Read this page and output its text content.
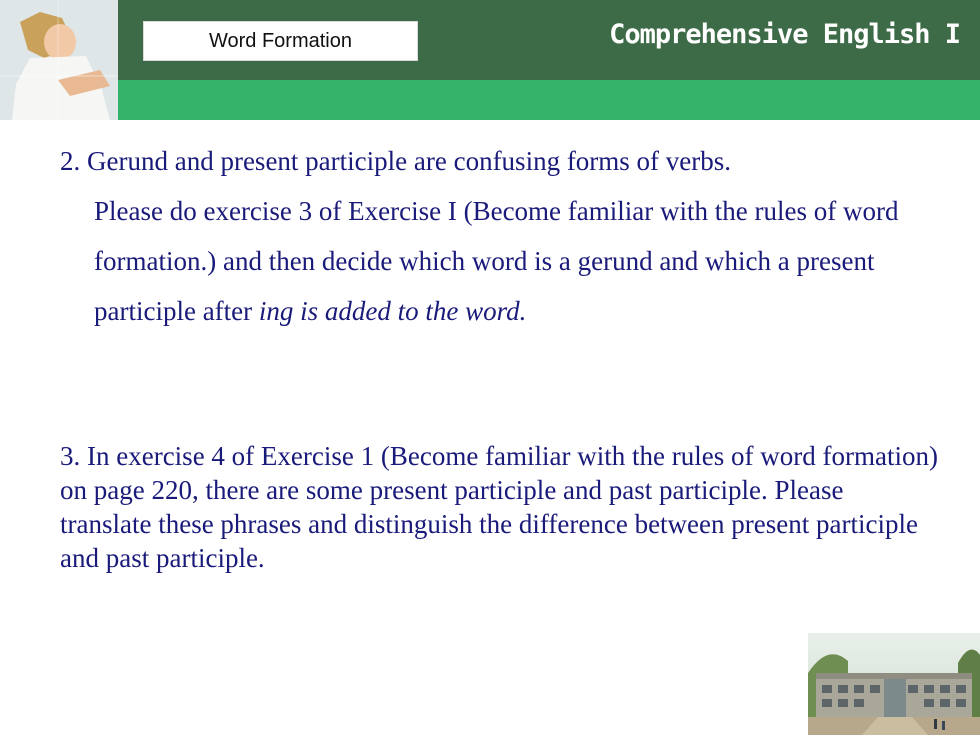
Word Formation	Comprehensive English I
2. Gerund and present participle are confusing forms of verbs.
Please do exercise 3 of Exercise I (Become familiar with the rules of word formation.) and then decide which word is a gerund and which a present participle after ing is added to the word.
3. In exercise 4 of Exercise 1 (Become familiar with the rules of word formation) on page 220, there are some present participle and past participle. Please translate these phrases and distinguish the difference between present participle and past participle.
